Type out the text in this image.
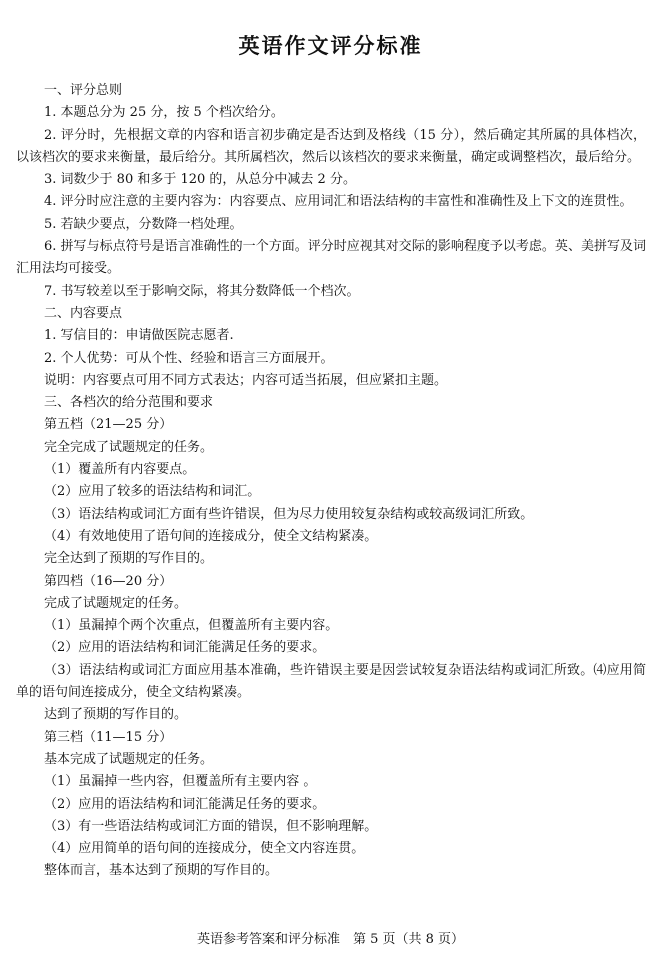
英语作文评分标准

一、评分总则

1. 本题总分为 25 分，按 5 个档次给分。

2. 评分时，先根据文章的内容和语言初步确定是否达到及格线（15 分），然后确定其所属的具体档次，以该档次的要求来衡量，最后给分。其所属档次，然后以该档次的要求来衡量，确定或调整档次，最后给分。

3. 词数少于 80 和多于 120 的，从总分中减去 2 分。

4. 评分时应注意的主要内容为：内容要点、应用词汇和语法结构的丰富性和准确性及上下文的连贯性。

5. 若缺少要点，分数降一档处理。

6. 拼写与标点符号是语言准确性的一个方面。评分时应视其对交际的影响程度予以考虑。英、美拼写及词汇用法均可接受。

7. 书写较差以至于影响交际，将其分数降低一个档次。

二、内容要点

1. 写信目的：申请做医院志愿者.

2. 个人优势：可从个性、经验和语言三方面展开。

说明：内容要点可用不同方式表达；内容可适当拓展，但应紧扣主题。

三、各档次的给分范围和要求

第五档（21—25 分）

完全完成了试题规定的任务。

（1）覆盖所有内容要点。

（2）应用了较多的语法结构和词汇。

（3）语法结构或词汇方面有些许错误，但为尽力使用较复杂结构或较高级词汇所致。

（4）有效地使用了语句间的连接成分，使全文结构紧凑。

完全达到了预期的写作目的。

第四档（16—20 分）

完成了试题规定的任务。

（1）虽漏掉个两个次重点，但覆盖所有主要内容。

（2）应用的语法结构和词汇能满足任务的要求。

（3）语法结构或词汇方面应用基本准确，些许错误主要是因尝试较复杂语法结构或词汇所致。⑷应用简单的语句间连接成分，使全文结构紧凑。

达到了预期的写作目的。

第三档（11—15 分）

基本完成了试题规定的任务。

（1）虽漏掉一些内容，但覆盖所有主要内容 。

（2）应用的语法结构和词汇能满足任务的要求。

（3）有一些语法结构或词汇方面的错误，但不影响理解。

（4）应用简单的语句间的连接成分，使全文内容连贯。

整体而言，基本达到了预期的写作目的。

英语参考答案和评分标准　第 5 页（共 8 页）
